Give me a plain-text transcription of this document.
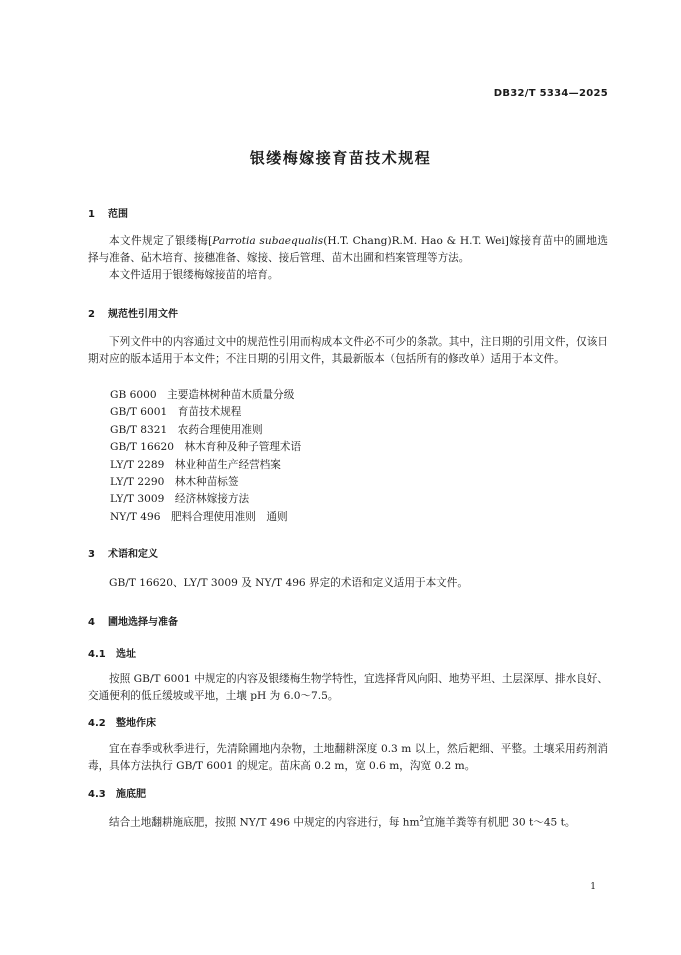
DB32/T 5334—2025
银缕梅嫁接育苗技术规程
1 范围
本文件规定了银缕梅[Parrotia subaequalis(H.T. Chang)R.M. Hao & H.T. Wei]嫁接育苗中的圃地选择与准备、砧木培育、接穗准备、嫁接、接后管理、苗木出圃和档案管理等方法。
本文件适用于银缕梅嫁接苗的培育。
2 规范性引用文件
下列文件中的内容通过文中的规范性引用而构成本文件必不可少的条款。其中，注日期的引用文件，仅该日期对应的版本适用于本文件；不注日期的引用文件，其最新版本（包括所有的修改单）适用于本文件。
GB 6000　主要造林树种苗木质量分级
GB/T 6001　育苗技术规程
GB/T 8321　农药合理使用准则
GB/T 16620　林木育种及种子管理术语
LY/T 2289　林业种苗生产经营档案
LY/T 2290　林木种苗标签
LY/T 3009　经济林嫁接方法
NY/T 496　肥料合理使用准则　通则
3 术语和定义
GB/T 16620、LY/T 3009 及 NY/T 496 界定的术语和定义适用于本文件。
4 圃地选择与准备
4.1 选址
按照 GB/T 6001 中规定的内容及银缕梅生物学特性，宜选择背风向阳、地势平坦、土层深厚、排水良好、交通便利的低丘缓坡或平地，土壤 pH 为 6.0～7.5。
4.2 整地作床
宜在春季或秋季进行，先清除圃地内杂物，土地翻耕深度 0.3 m 以上，然后耙细、平整。土壤采用药剂消毒，具体方法执行 GB/T 6001 的规定。苗床高 0.2 m，宽 0.6 m，沟宽 0.2 m。
4.3 施底肥
结合土地翻耕施底肥，按照 NY/T 496 中规定的内容进行，每 $hm^2$宜施羊粪等有机肥 30 t～45 t。
1
